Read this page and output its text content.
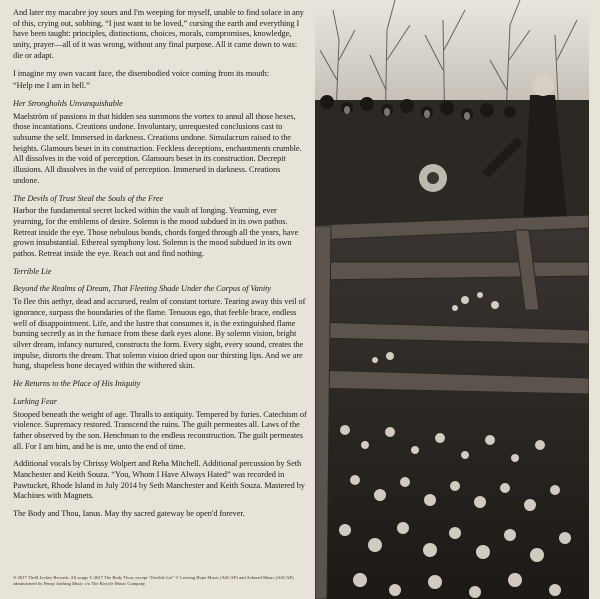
And later my macabre joy sours and I'm weeping for myself, unable to find solace in any of this, crying out, sobbing, “I just want to be loved,” cursing the earth and everything I have been taught: principles, distinctions, choices, morals, compromises, knowledge, unity, prayer—all of it was wrong, without any final purpose. All it came down to was: die or adapt.

I imagine my own vacant face, the disembodied voice coming from its mouth:

“Help me I am in hell.”

Her Strongholds Unvanquishable

Maelström of passions in that hidden sea summons the vortex to annul all those hexes, those incantations. Creations undone. Involuntary, unrequested conclusions cast to subsume the self. Immersed in darkness. Creations undone. Simulacrum raised to the heights. Glamours beset in its construction. Feckless deceptions, enchantments crumble. All dissolves in the void of perception. Glamours beset in its construction. Decrepit illusions. All dissolves in the void of perception. Immersed in darkness. Creations undone.

The Devils of Trust Steal the Souls of the Free

Harbor the fundamental secret locked within the vault of longing. Yearning, ever yearning, for the emblems of desire. Solemn is the mood subdued in its own pathos. Retreat inside the eye. Those nebulous bonds, chords forged through all the years, have grown insubstantial. Ethereal symphony lost. Solemn is the mood subdued in its own pathos. Retreat inside the eye. Reach out and find nothing.

Terrible Lie

Beyond the Realms of Dream, That Fleeting Shade Under the Corpus of Vanity

To flee this aethyr, dead and accursed, realm of constant torture. Tearing away this veil of ignorance, surpass the boundaries of the flame. Tenuous ego, that feeble brace, endless well of disappointment. Life, and the lustre that consumes it, is the extinguished flame burning secretly as in the furnace from these dark eyes alone. By solemn vision, bright silver dream, infancy nurtured, constructs the form. Every sight, every sound, creates the impulse, distorts the dream. That solemn vision dried upon our thirsting lips. And we are hung, shapeless bone decayed within the withered skin.

He Returns to the Place of His Iniquity

Lurking Fear

Stooped beneath the weight of age. Thralls to antiquity. Tempered by furies. Catechism of violence. Supremacy restored. Transcend the ruins. The guilt permeates all. Laws of the father observed by the son. Henchman to the endless reconstruction. The guilt permeates all. For I am him, and he is me, unto the end of time.

Additional vocals by Chrissy Wolpert and Reba Mitchell. Additional percussion by Seth Manchester and Keith Souza. “You, Whom I Have Always Hated” was recorded in Pawtucket, Rhode Island in July 2014 by Seth Manchester and Keith Souza. Mastered by Machines with Magnets.

The Body and Thou, Ianus. May thy sacred gateway be open'd forever.

℗ 2017 Thrill Jockey Records. All songs © 2017 The Body Thou, except “Terrible Lie” © Leaving Hope Music (ASCAP) and Ashered Music (ASCAP) administered by Penny farthing Music c/o The Bicycle Music Company
